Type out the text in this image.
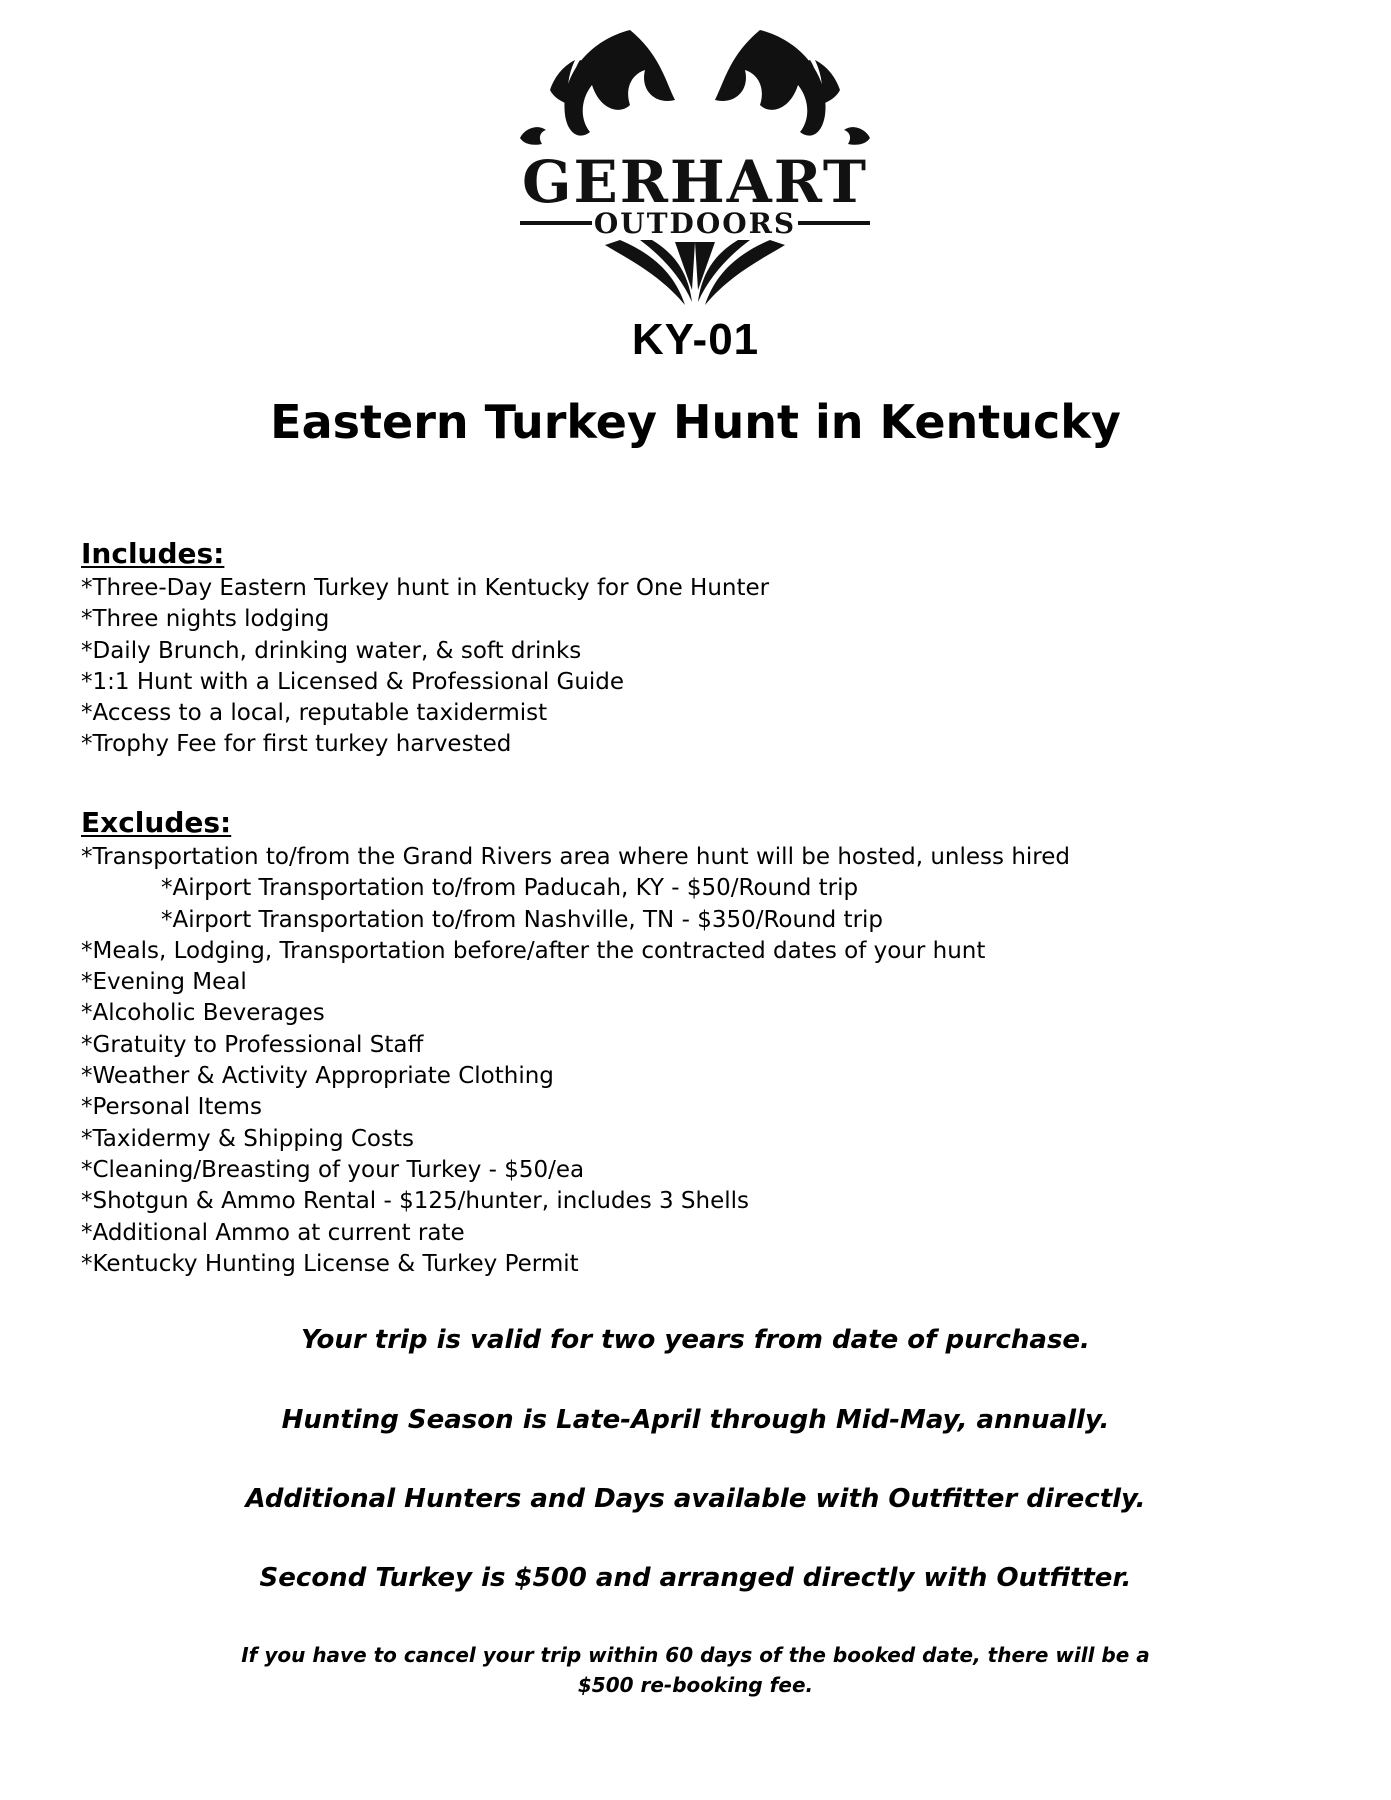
GERHART
OUTDOORS
KY-01
Eastern Turkey Hunt in Kentucky
Includes:
*Three-Day Eastern Turkey hunt in Kentucky for One Hunter
*Three nights lodging
*Daily Brunch, drinking water, & soft drinks
*1:1 Hunt with a Licensed & Professional Guide
*Access to a local, reputable taxidermist
*Trophy Fee for first turkey harvested
Excludes:
*Transportation to/from the Grand Rivers area where hunt will be hosted, unless hired
*Airport Transportation to/from Paducah, KY - $50/Round trip
*Airport Transportation to/from Nashville, TN - $350/Round trip
*Meals, Lodging, Transportation before/after the contracted dates of your hunt
*Evening Meal
*Alcoholic Beverages
*Gratuity to Professional Staff
*Weather & Activity Appropriate Clothing
*Personal Items
*Taxidermy & Shipping Costs
*Cleaning/Breasting of your Turkey - $50/ea
*Shotgun & Ammo Rental - $125/hunter, includes 3 Shells
*Additional Ammo at current rate
*Kentucky Hunting License & Turkey Permit

Your trip is valid for two years from date of purchase.

Hunting Season is Late-April through Mid-May, annually.

Additional Hunters and Days available with Outfitter directly.

Second Turkey is $500 and arranged directly with Outfitter.

If you have to cancel your trip within 60 days of the booked date, there will be a
$500 re-booking fee.
